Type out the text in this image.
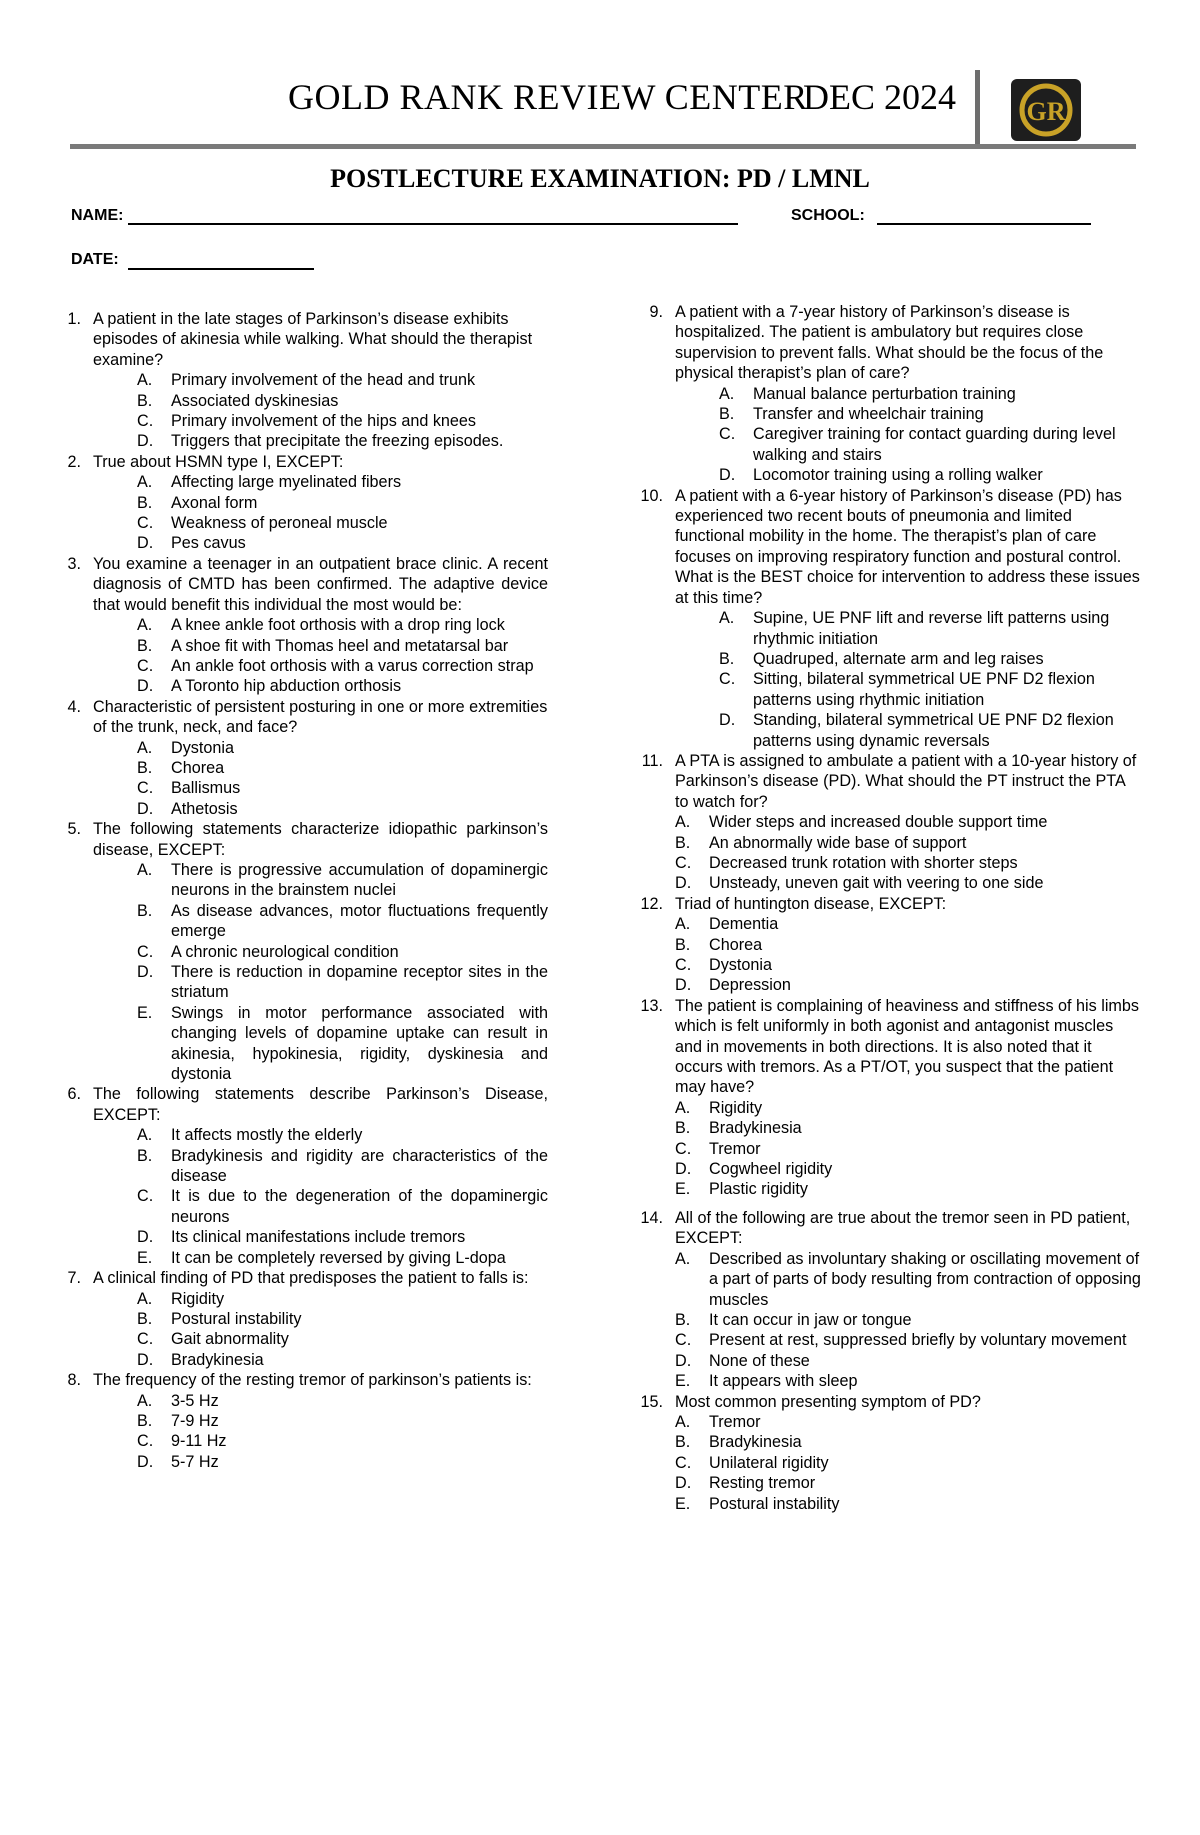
GOLD RANK REVIEW CENTER
DEC 2024	GR
POSTLECTURE EXAMINATION: PD / LMNL
NAME:	SCHOOL:
DATE:
1. A patient in the late stages of Parkinson’s disease exhibits episodes of akinesia while walking. What should the therapist examine?
A.	Primary involvement of the head and trunk
B.	Associated dyskinesias
C.	Primary involvement of the hips and knees
D.	Triggers that precipitate the freezing episodes.
2. True about HSMN type I, EXCEPT:
A.	Affecting large myelinated fibers
B.	Axonal form
C.	Weakness of peroneal muscle
D.	Pes cavus
3. You examine a teenager in an outpatient brace clinic. A recent diagnosis of CMTD has been confirmed. The adaptive device that would benefit this individual the most would be:
A.	A knee ankle foot orthosis with a drop ring lock
B.	A shoe fit with Thomas heel and metatarsal bar
C.	An ankle foot orthosis with a varus correction strap
D.	A Toronto hip abduction orthosis
4. Characteristic of persistent posturing in one or more extremities of the trunk, neck, and face?
A.	Dystonia
B.	Chorea
C.	Ballismus
D.	Athetosis
5. The following statements characterize idiopathic parkinson’s disease, EXCEPT:
A.	There is progressive accumulation of dopaminergic neurons in the brainstem nuclei
B.	As disease advances, motor fluctuations frequently emerge
C.	A chronic neurological condition
D.	There is reduction in dopamine receptor sites in the striatum
E.	Swings in motor performance associated with changing levels of dopamine uptake can result in akinesia, hypokinesia, rigidity, dyskinesia and dystonia
6. The following statements describe Parkinson’s Disease, EXCEPT:
A.	It affects mostly the elderly
B.	Bradykinesis and rigidity are characteristics of the disease
C.	It is due to the degeneration of the dopaminergic neurons
D.	Its clinical manifestations include tremors
E.	It can be completely reversed by giving L-dopa
7. A clinical finding of PD that predisposes the patient to falls is:
A.	Rigidity
B.	Postural instability
C.	Gait abnormality
D.	Bradykinesia
8. The frequency of the resting tremor of parkinson’s patients is:
A.	3-5 Hz
B.	7-9 Hz
C.	9-11 Hz
D.	5-7 Hz
9. A patient with a 7-year history of Parkinson’s disease is hospitalized. The patient is ambulatory but requires close supervision to prevent falls. What should be the focus of the physical therapist’s plan of care?
A.	Manual balance perturbation training
B.	Transfer and wheelchair training
C.	Caregiver training for contact guarding during level walking and stairs
D.	Locomotor training using a rolling walker
10. A patient with a 6-year history of Parkinson’s disease (PD) has experienced two recent bouts of pneumonia and limited functional mobility in the home. The therapist’s plan of care focuses on improving respiratory function and postural control. What is the BEST choice for intervention to address these issues at this time?
A.	Supine, UE PNF lift and reverse lift patterns using rhythmic initiation
B.	Quadruped, alternate arm and leg raises
C.	Sitting, bilateral symmetrical UE PNF D2 flexion patterns using rhythmic initiation
D.	Standing, bilateral symmetrical UE PNF D2 flexion patterns using dynamic reversals
11. A PTA is assigned to ambulate a patient with a 10-year history of Parkinson’s disease (PD). What should the PT instruct the PTA to watch for?
A.	Wider steps and increased double support time
B.	An abnormally wide base of support
C.	Decreased trunk rotation with shorter steps
D.	Unsteady, uneven gait with veering to one side
12. Triad of huntington disease, EXCEPT:
A.	Dementia
B.	Chorea
C.	Dystonia
D.	Depression
13. The patient is complaining of heaviness and stiffness of his limbs which is felt uniformly in both agonist and antagonist muscles and in movements in both directions. It is also noted that it occurs with tremors. As a PT/OT, you suspect that the patient may have?
A.	Rigidity
B.	Bradykinesia
C.	Tremor
D.	Cogwheel rigidity
E.	Plastic rigidity
14. All of the following are true about the tremor seen in PD patient, EXCEPT:
A.	Described as involuntary shaking or oscillating movement of a part of parts of body resulting from contraction of opposing muscles
B.	It can occur in jaw or tongue
C.	Present at rest, suppressed briefly by voluntary movement
D.	None of these
E.	It appears with sleep
15. Most common presenting symptom of PD?
A.	Tremor
B.	Bradykinesia
C.	Unilateral rigidity
D.	Resting tremor
E.	Postural instability
